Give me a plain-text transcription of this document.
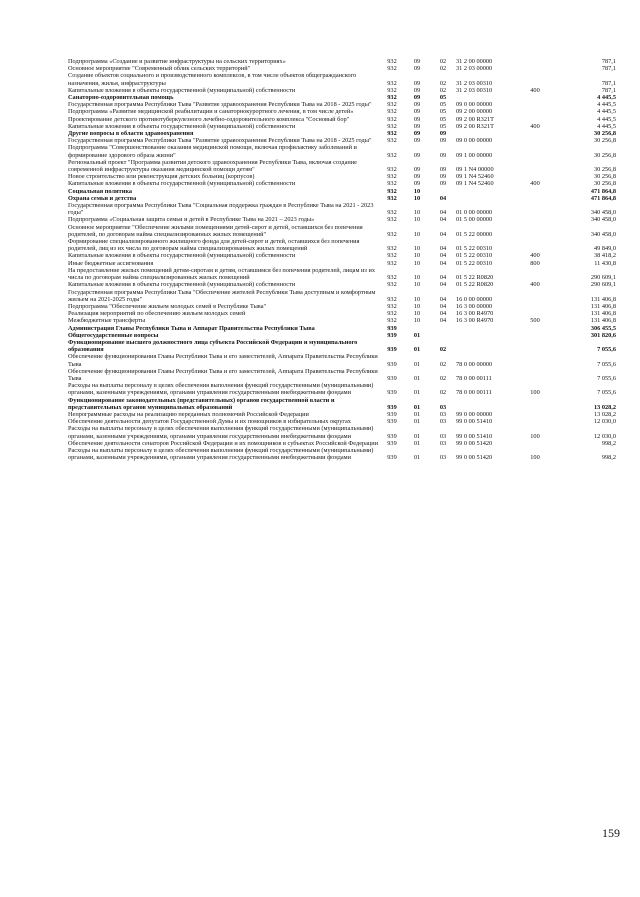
Подпрограмма «Создание и развитие инфраструктуры на сельских территориях»	932	09	02	31 2 00 00000		787,1
Основное мероприятие "Современный облик сельских территорий"	932	09	02	31 2 03 00000		787,1
Создание объектов социального и производственного комплексов, в том числе объектов общегражданского назначения, жилья, инфраструктуры	932	09	02	31 2 03 00310		787,1
Капитальные вложения в объекты государственной (муниципальной) собственности	932	09	02	31 2 03 00310	400	787,1
Санаторно-оздоровительная помощь	932	09	05			4 445,5
Государственная программа Республики Тыва "Развитие здравоохранения Республики Тыва на 2018 - 2025 годы"	932	09	05	09 0 00 00000		4 445,5
Подпрограмма «Развитие медицинской реабилитации и санаторнокурортного лечения, в том числе детей»	932	09	05	09 2 00 00000		4 445,5
Проектирование детского противотуберкулезного лечебно-оздоровительного комплекса "Сосновый бор"	932	09	05	09 2 00 R321T		4 445,5
Капитальные вложения в объекты государственной (муниципальной) собственности	932	09	05	09 2 00 R321T	400	4 445,5
Другие вопросы в области здравоохранения	932	09	09			30 256,8
Государственная программа Республики Тыва "Развитие здравоохранения Республики Тыва на 2018 - 2025 годы"	932	09	09	09 0 00 00000		30 256,8
Подпрограмма "Совершенствование оказания медицинской помощи, включая профилактику заболеваний и формирование здорового образа жизни"	932	09	09	09 1 00 00000		30 256,8
Региональный проект "Программа развития детского здравоохранения Республики Тыва, включая создание современной инфраструктуры оказания медицинской помощи детям"	932	09	09	09 1 N4 00000		30 256,8
Новое строительство или реконструкция детских больниц (корпусов)	932	09	09	09 1 N4 52460		30 256,8
Капитальные вложения в объекты государственной (муниципальной) собственности	932	09	09	09 1 N4 52460	400	30 256,8
Социальная политика	932	10				471 864,8
Охрана семьи и детства	932	10	04			471 864,8
Государственная программа Республики Тыва "Социальная поддержка граждан в Республике Тыва на 2021 - 2023 годы"	932	10	04	01 0 00 00000		340 458,0
Подпрограмма «Социальная защита семьи и детей в Республике Тыва на 2021 – 2023 годы»	932	10	04	01 5 00 00000		340 458,0
Основное мероприятие "Обеспечение жилыми помещениями детей-сирот и детей, оставшихся без попечения родителей, по договорам найма специализированных жилых помещений"	932	10	04	01 5 22 00000		340 458,0
Формирование специализированного жилищного фонда для детей-сирот и детей, оставшихся без попечения родителей, лиц из их числа по договорам найма специализированных жилых помещений	932	10	04	01 5 22 00310		49 849,0
Капитальные вложения в объекты государственной (муниципальной) собственности	932	10	04	01 5 22 00310	400	38 418,2
Иные бюджетные ассигнования	932	10	04	01 5 22 00310	800	11 430,8
На предоставление жилых помещений детям-сиротам и детям, оставшимся без попечения родителей, лицам из их числа по договорам найма специализированных жилых помещений	932	10	04	01 5 22 R0820		290 609,1
Капитальные вложения в объекты государственной (муниципальной) собственности	932	10	04	01 5 22 R0820	400	290 609,1
Государственная программа Республики Тыва "Обеспечение жителей Республики Тыва доступным и комфортным жильем на 2021-2025 годы"	932	10	04	16 0 00 00000		131 406,8
Подпрограмма "Обеспечение жильем молодых семей в Республике Тыва"	932	10	04	16 3 00 00000		131 406,8
Реализация мероприятий по обеспечению жильем молодых семей	932	10	04	16 3 00 R4970		131 406,8
Межбюджетные трансферты	932	10	04	16 3 00 R4970	500	131 406,8
Администрация Главы Республики Тыва и Аппарат Правительства Республики Тыва	939					306 455,5
Общегосударственные вопросы	939	01				301 820,6
Функционирование высшего должностного лица субъекта Российской Федерации и муниципального образования	939	01	02			7 055,6
Обеспечение функционирования Главы Республики Тыва и его заместителей, Аппарата Правительства Республики Тыва	939	01	02	78 0 00 00000		7 055,6
Обеспечение функционирования Главы Республики Тыва и его заместителей, Аппарата Правительства Республики Тыва	939	01	02	78 0 00 00111		7 055,6
Расходы на выплаты персоналу в целях обеспечения выполнения функций государственными (муниципальными) органами, казенными учреждениями, органами управления государственными внебюджетными фондами	939	01	02	78 0 00 00111	100	7 055,6
Функционирование законодательных (представительных) органов государственной власти и представительных органов муниципальных образований	939	01	03			13 028,2
Непрограммные расходы на реализацию переданных полномочий Российской Федерации	939	01	03	99 0 00 00000		13 028,2
Обеспечение деятельности депутатов Государственной Думы и их помощников в избирательных округах	939	01	03	99 0 00 51410		12 030,0
Расходы на выплаты персоналу в целях обеспечения выполнения функций государственными (муниципальными) органами, казенными учреждениями, органами управления государственными внебюджетными фондами	939	01	03	99 0 00 51410	100	12 030,0
Обеспечение деятельности сенаторов Российской Федерации и их помощников в субъектах Российской Федерации	939	01	03	99 0 00 51420		998,2
Расходы на выплаты персоналу в целях обеспечения выполнения функций государственными (муниципальными) органами, казенными учреждениями, органами управления государственными внебюджетными фондами	939	01	03	99 0 00 51420	100	998,2
159
